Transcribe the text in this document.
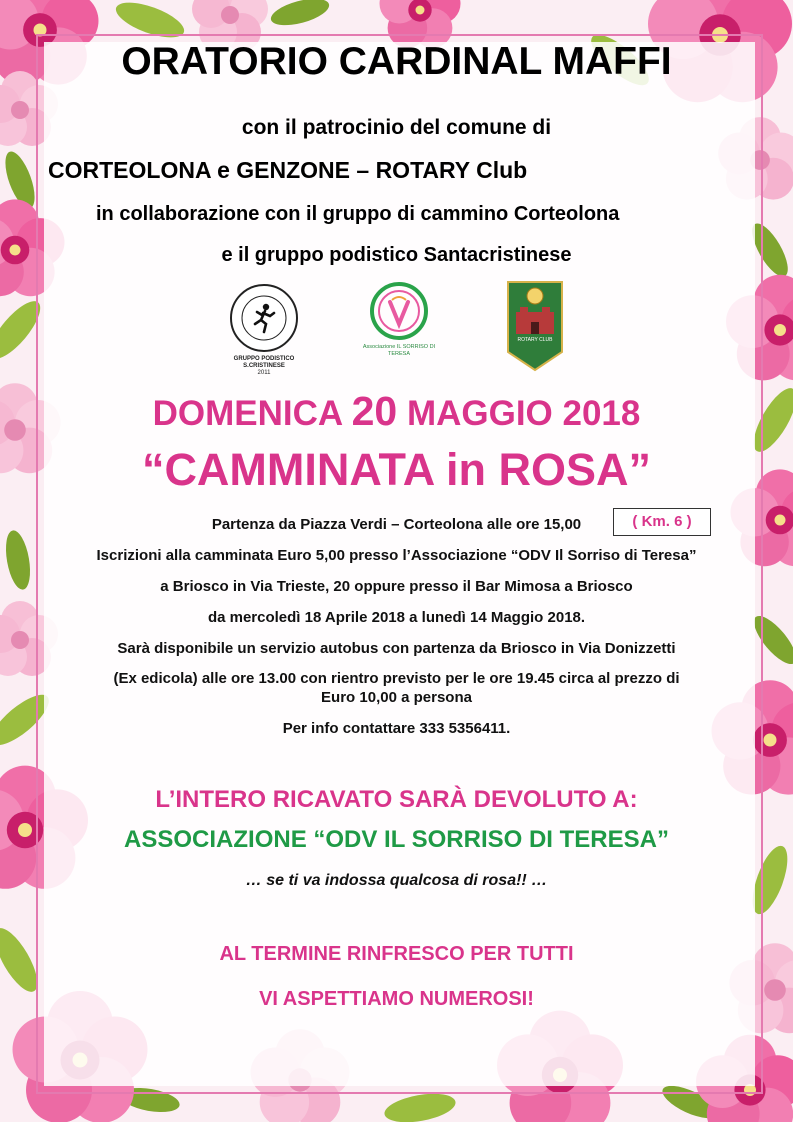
ORATORIO CARDINAL MAFFI
con il patrocinio del comune di
CORTEOLONA e GENZONE – ROTARY Club
in collaborazione con il gruppo di cammino Corteolona
e il gruppo podistico Santacristinese
GRUPPO PODISTICO S.CRISTINESE
2011
Associazione IL SORRISO DI TERESA
ROTARY CLUB
DOMENICA 20 MAGGIO 2018
“CAMMINATA in ROSA”
Partenza da Piazza Verdi – Corteolona alle ore 15,00	( Km. 6 )
Iscrizioni alla camminata Euro 5,00 presso l’Associazione “ODV Il Sorriso di Teresa”
a Briosco in Via Trieste, 20 oppure presso il Bar Mimosa a Briosco
da mercoledì 18 Aprile 2018 a lunedì 14 Maggio 2018.
Sarà disponibile un servizio autobus con partenza da Briosco in Via Donizzetti
(Ex edicola) alle ore 13.00 con rientro previsto per le ore 19.45 circa al prezzo di
Euro 10,00 a persona
Per info contattare 333 5356411.
L’INTERO RICAVATO SARÀ DEVOLUTO A:
ASSOCIAZIONE “ODV IL SORRISO DI TERESA”
… se ti va indossa qualcosa di rosa!! …
AL TERMINE RINFRESCO PER TUTTI
VI ASPETTIAMO NUMEROSI!
